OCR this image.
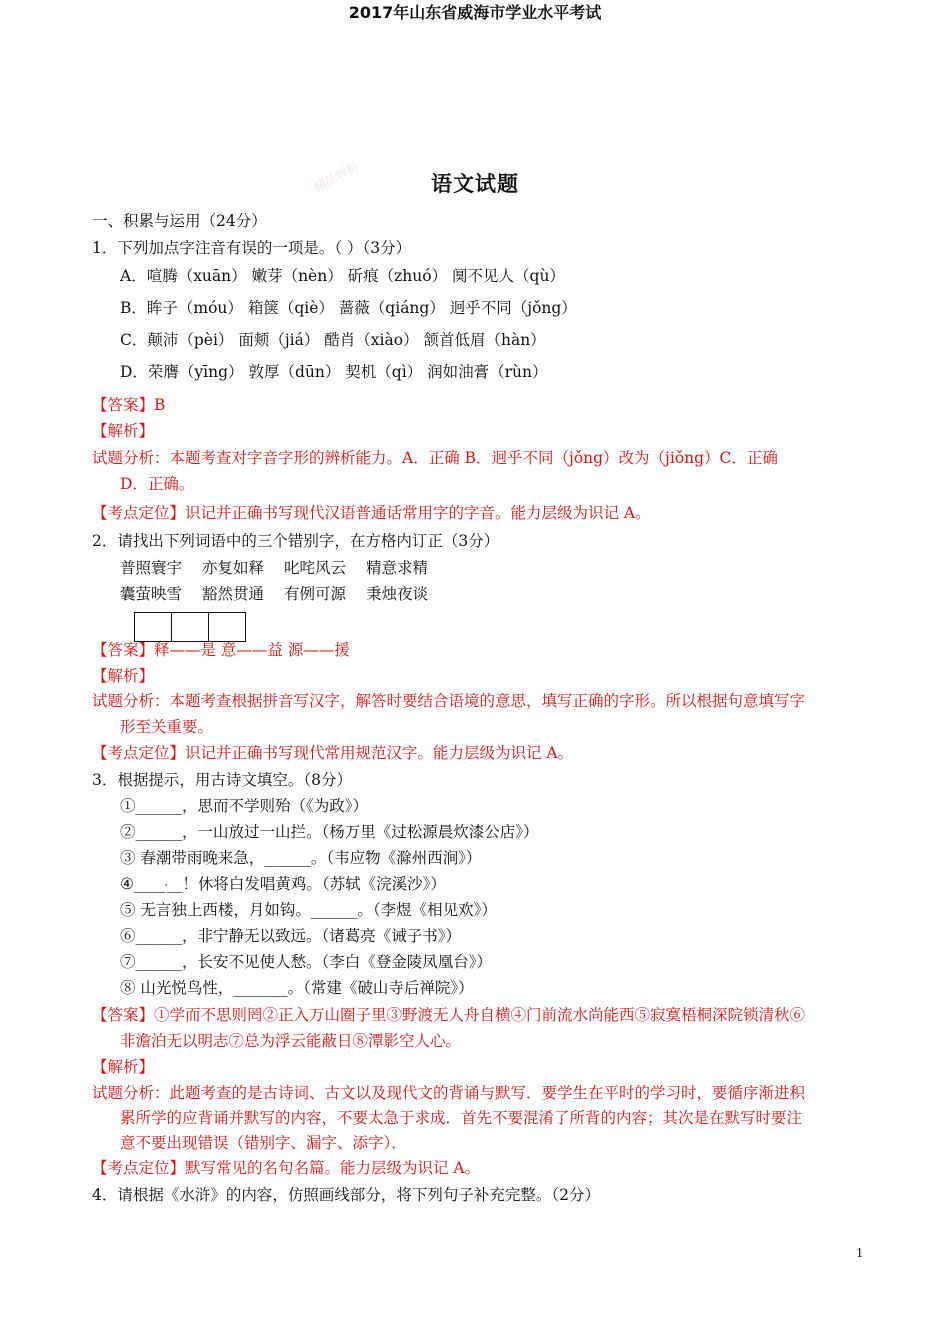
2017年山东省威海市学业水平考试
语文试题
精品解析
一、积累与运用（24分）
1．下列加点字注音有误的一项是。（ ）（3分）
A．喧腾（xuān） 嫩芽（nèn） 斫痕（zhuó） 阒不见人（qù）
B．眸子（móu） 箱箧（qiè） 蔷薇（qiáng） 迥乎不同（jǒng）
C．颠沛（pèi） 面颊（jiá） 酷肖（xiào） 颔首低眉（hàn）
D．荣膺（yīng） 敦厚（dūn） 契机（qì） 润如油膏（rùn）
【答案】B
【解析】
试题分析：本题考查对字音字形的辨析能力。A．正确 B．迥乎不同（jǒng）改为（jiǒng）C．正确
D．正确。
【考点定位】识记并正确书写现代汉语普通话常用字的字音。能力层级为识记 A。
2．请找出下列词语中的三个错别字，在方格内订正（3分）
普照寰宇 亦复如释 叱咤风云 精意求精
囊萤映雪 豁然贯通 有例可源 秉烛夜谈
【答案】释——是 意——益 源——援
【解析】
试题分析：本题考查根据拼音写汉字，解答时要结合语境的意思，填写正确的字形。所以根据句意填写字
形至关重要。
【考点定位】识记并正确书写现代常用规范汉字。能力层级为识记 A。
3．根据提示，用古诗文填空。（8分）
①______，思而不学则殆（《为政》）
②______，一山放过一山拦。（杨万里《过松源晨炊漆公店》）
③ 春潮带雨晚来急，______。（韦应物《滁州西涧》）
④____ __！休将白发唱黄鸡。（苏轼《浣溪沙》）
⑤ 无言独上西楼，月如钩。______。（李煜《相见欢》）
⑥______，非宁静无以致远。（诸葛亮《诫子书》）
⑦______，长安不见使人愁。（李白《登金陵凤凰台》）
⑧ 山光悦鸟性，_______。（常建《破山寺后禅院》）
【答案】①学而不思则罔②正入万山圈子里③野渡无人舟自横④门前流水尚能西⑤寂寞梧桐深院锁清秋⑥
非澹泊无以明志⑦总为浮云能蔽日⑧潭影空人心。
【解析】
试题分析：此题考查的是古诗词、古文以及现代文的背诵与默写．要学生在平时的学习时，要循序渐进积
累所学的应背诵并默写的内容，不要太急于求成．首先不要混淆了所背的内容；其次是在默写时要注
意不要出现错误（错别字、漏字、添字）．
【考点定位】默写常见的名句名篇。能力层级为识记 A。
4．请根据《水浒》的内容，仿照画线部分，将下列句子补充完整。（2分）
1
